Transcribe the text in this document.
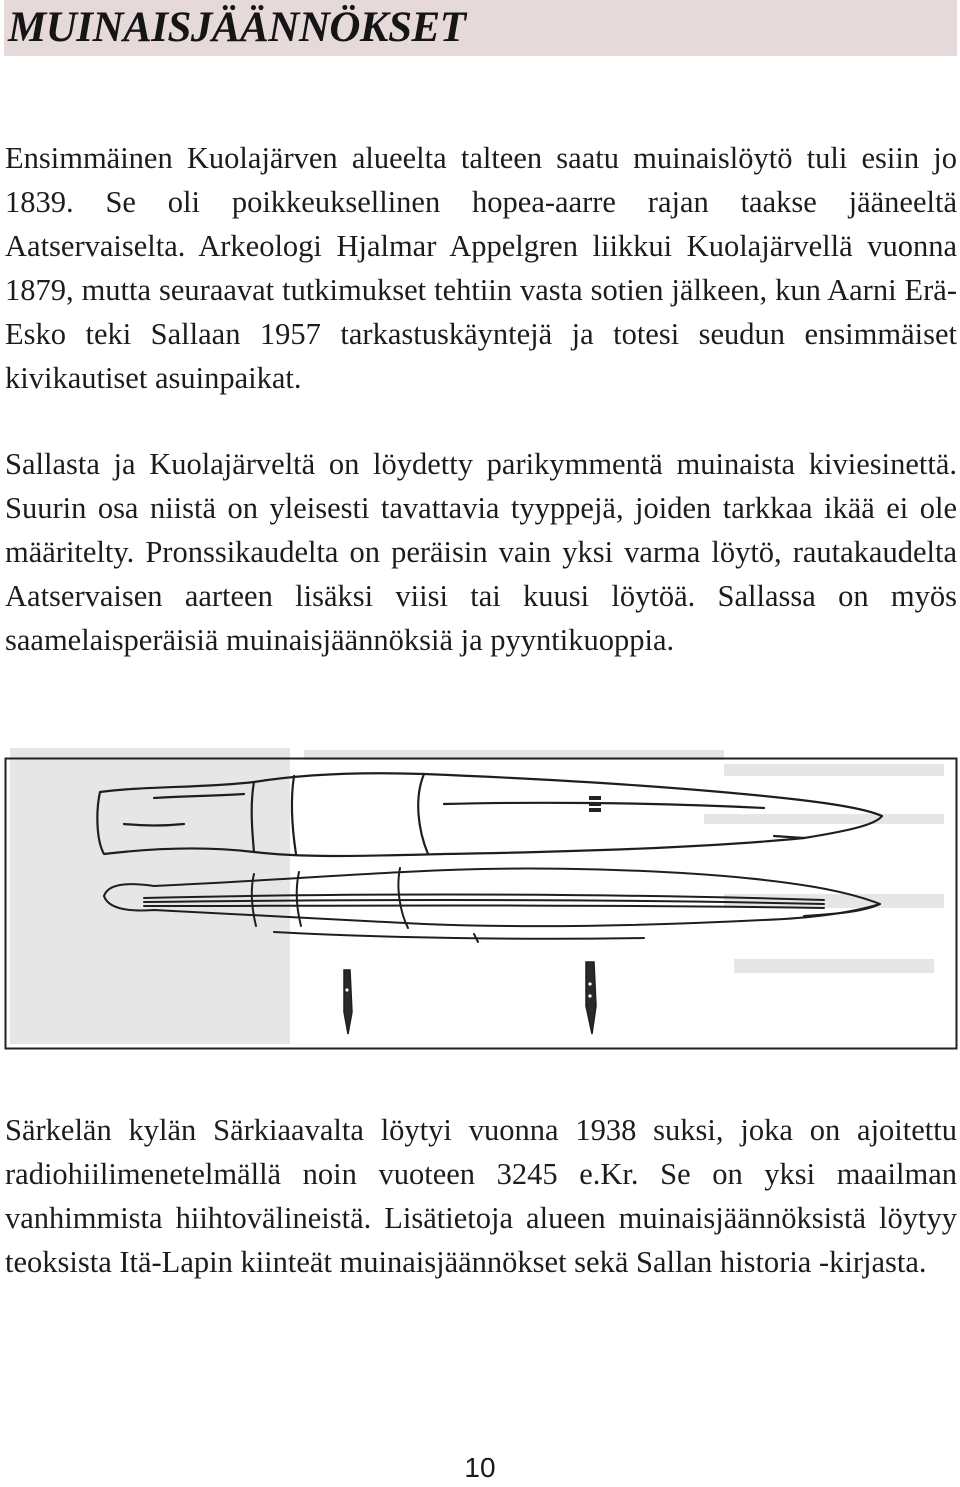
MUINAISJÄÄNNÖKSET

Ensimmäinen Kuolajärven alueelta talteen saatu muinaislöytö tuli esiin jo 1839. Se oli poikkeuksellinen hopea-aarre rajan taakse jääneeltä Aatservaiselta. Arkeologi Hjalmar Appelgren liikkui Kuolajärvellä vuonna 1879, mutta seuraavat tutkimukset tehtiin vasta sotien jälkeen, kun Aarni Erä-Esko teki Sallaan 1957 tarkastuskäyntejä ja totesi seudun ensimmäiset kivikautiset asuinpaikat.

Sallasta ja Kuolajärveltä on löydetty parikymmentä muinaista kiviesinettä. Suurin osa niistä on yleisesti tavattavia tyyppejä, joiden tarkkaa ikää ei ole määritelty. Pronssikaudelta on peräisin vain yksi varma löytö, rautakaudelta Aatservaisen aarteen lisäksi viisi tai kuusi löytöä. Sallassa on myös saamelaisperäisiä muinaisjäännöksiä ja pyyntikuoppia.

Särkelän kylän Särkiaavalta löytyi vuonna 1938 suksi, joka on ajoitettu radiohiilimenetelmällä noin vuoteen 3245 e.Kr. Se on yksi maailman vanhimmista hiihtovälineistä. Lisätietoja alueen muinaisjäännöksistä löytyy teoksista Itä-Lapin kiinteät muinaisjäännökset sekä Sallan historia -kirjasta.

10
